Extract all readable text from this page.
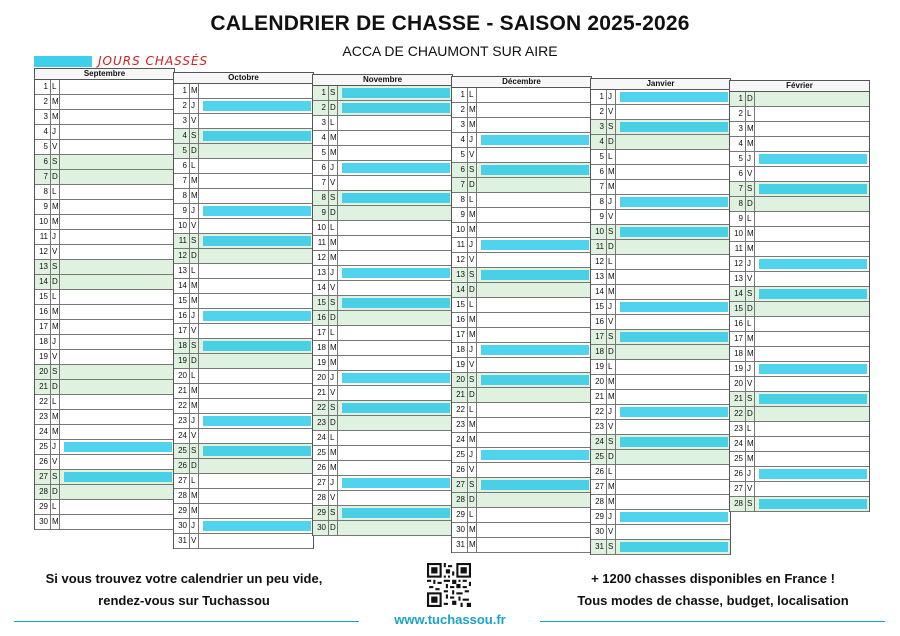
CALENDRIER DE CHASSE - SAISON 2025-2026
ACCA DE CHAUMONT SUR AIRE
JOURS CHASSÉS
Septembre
1 L
2 M
3 M
4 J
5 V
6 S
7 D
8 L
9 M
10 M
11 J
12 V
13 S
14 D
15 L
16 M
17 M
18 J
19 V
20 S
21 D
22 L
23 M
24 M
25 J
26 V
27 S
28 D
29 L
30 M
Octobre
1 M
2 J
3 V
4 S
5 D
6 L
7 M
8 M
9 J
10 V
11 S
12 D
13 L
14 M
15 M
16 J
17 V
18 S
19 D
20 L
21 M
22 M
23 J
24 V
25 S
26 D
27 L
28 M
29 M
30 J
31 V
Novembre
1 S
2 D
3 L
4 M
5 M
6 J
7 V
8 S
9 D
10 L
11 M
12 M
13 J
14 V
15 S
16 D
17 L
18 M
19 M
20 J
21 V
22 S
23 D
24 L
25 M
26 M
27 J
28 V
29 S
30 D
Décembre
1 L
2 M
3 M
4 J
5 V
6 S
7 D
8 L
9 M
10 M
11 J
12 V
13 S
14 D
15 L
16 M
17 M
18 J
19 V
20 S
21 D
22 L
23 M
24 M
25 J
26 V
27 S
28 D
29 L
30 M
31 M
Janvier
1 J
2 V
3 S
4 D
5 L
6 M
7 M
8 J
9 V
10 S
11 D
12 L
13 M
14 M
15 J
16 V
17 S
18 D
19 L
20 M
21 M
22 J
23 V
24 S
25 D
26 L
27 M
28 M
29 J
30 V
31 S
Février
1 D
2 L
3 M
4 M
5 J
6 V
7 S
8 D
9 L
10 M
11 M
12 J
13 V
14 S
15 D
16 L
17 M
18 M
19 J
20 V
21 S
22 D
23 L
24 M
25 M
26 J
27 V
28 S
Si vous trouvez votre calendrier un peu vide,
rendez-vous sur Tuchassou
www.tuchassou.fr
+ 1200 chasses disponibles en France !
Tous modes de chasse, budget, localisation
